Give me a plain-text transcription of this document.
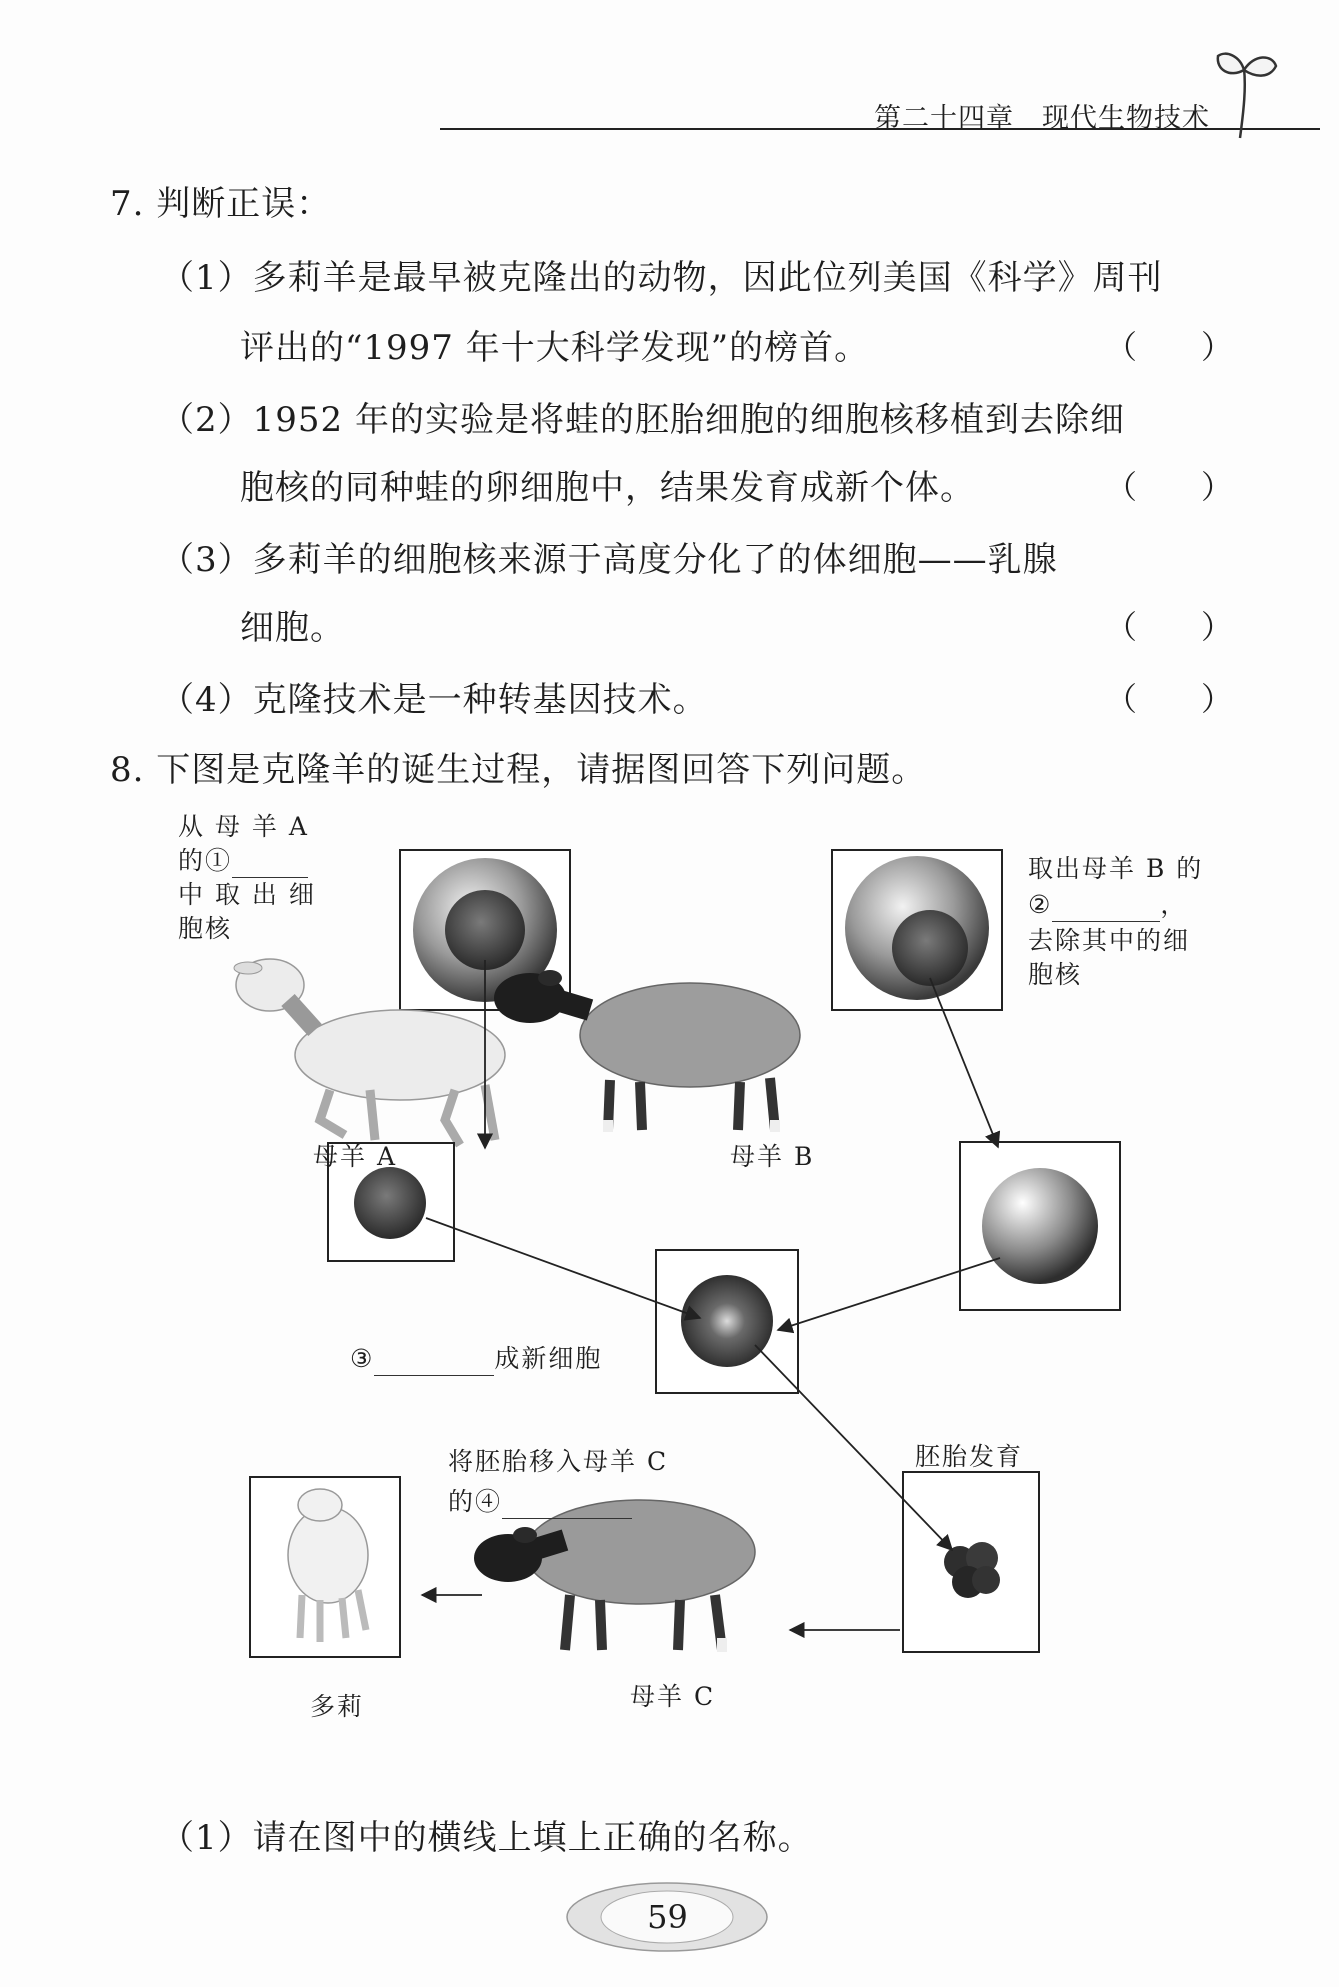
第二十四章　现代生物技术
7. 判断正误：
（1）多莉羊是最早被克隆出的动物，因此位列美国《科学》周刊
评出的“1997 年十大科学发现”的榜首。	（　　）
（2）1952 年的实验是将蛙的胚胎细胞的细胞核移植到去除细
胞核的同种蛙的卵细胞中，结果发育成新个体。	（　　）
（3）多莉羊的细胞核来源于高度分化了的体细胞——乳腺
细胞。	（　　）
（4）克隆技术是一种转基因技术。	（　　）
8. 下图是克隆羊的诞生过程，请据图回答下列问题。
从 母 羊 A
的①
中 取 出 细
胞核
取出母羊 B 的
②	，
去除其中的细
胞核
母羊 A	母羊 B
③	成新细胞
胚胎发育
将胚胎移入母羊 C
的④
多莉	母羊 C
（1）请在图中的横线上填上正确的名称。
59
